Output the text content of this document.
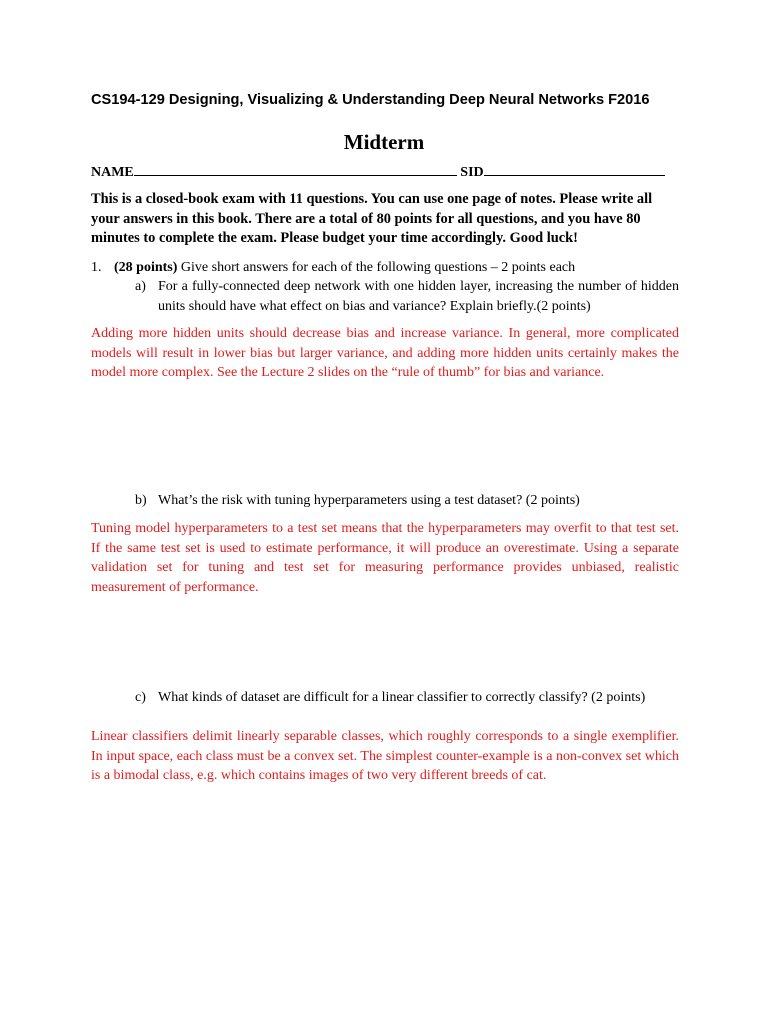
CS194-129 Designing, Visualizing & Understanding Deep Neural Networks F2016
Midterm
NAME	SID
This is a closed-book exam with 11 questions. You can use one page of notes. Please write all your answers in this book. There are a total of 80 points for all questions, and you have 80 minutes to complete the exam. Please budget your time accordingly. Good luck!
1. (28 points) Give short answers for each of the following questions – 2 points each
a) For a fully-connected deep network with one hidden layer, increasing the number of hidden units should have what effect on bias and variance? Explain briefly.(2 points)
Adding more hidden units should decrease bias and increase variance. In general, more complicated models will result in lower bias but larger variance, and adding more hidden units certainly makes the model more complex. See the Lecture 2 slides on the “rule of thumb” for bias and variance.
b) What’s the risk with tuning hyperparameters using a test dataset? (2 points)
Tuning model hyperparameters to a test set means that the hyperparameters may overfit to that test set. If the same test set is used to estimate performance, it will produce an overestimate. Using a separate validation set for tuning and test set for measuring performance provides unbiased, realistic measurement of performance.
c) What kinds of dataset are difficult for a linear classifier to correctly classify? (2 points)
Linear classifiers delimit linearly separable classes, which roughly corresponds to a single exemplifier. In input space, each class must be a convex set. The simplest counter-example is a non-convex set which is a bimodal class, e.g. which contains images of two very different breeds of cat.
